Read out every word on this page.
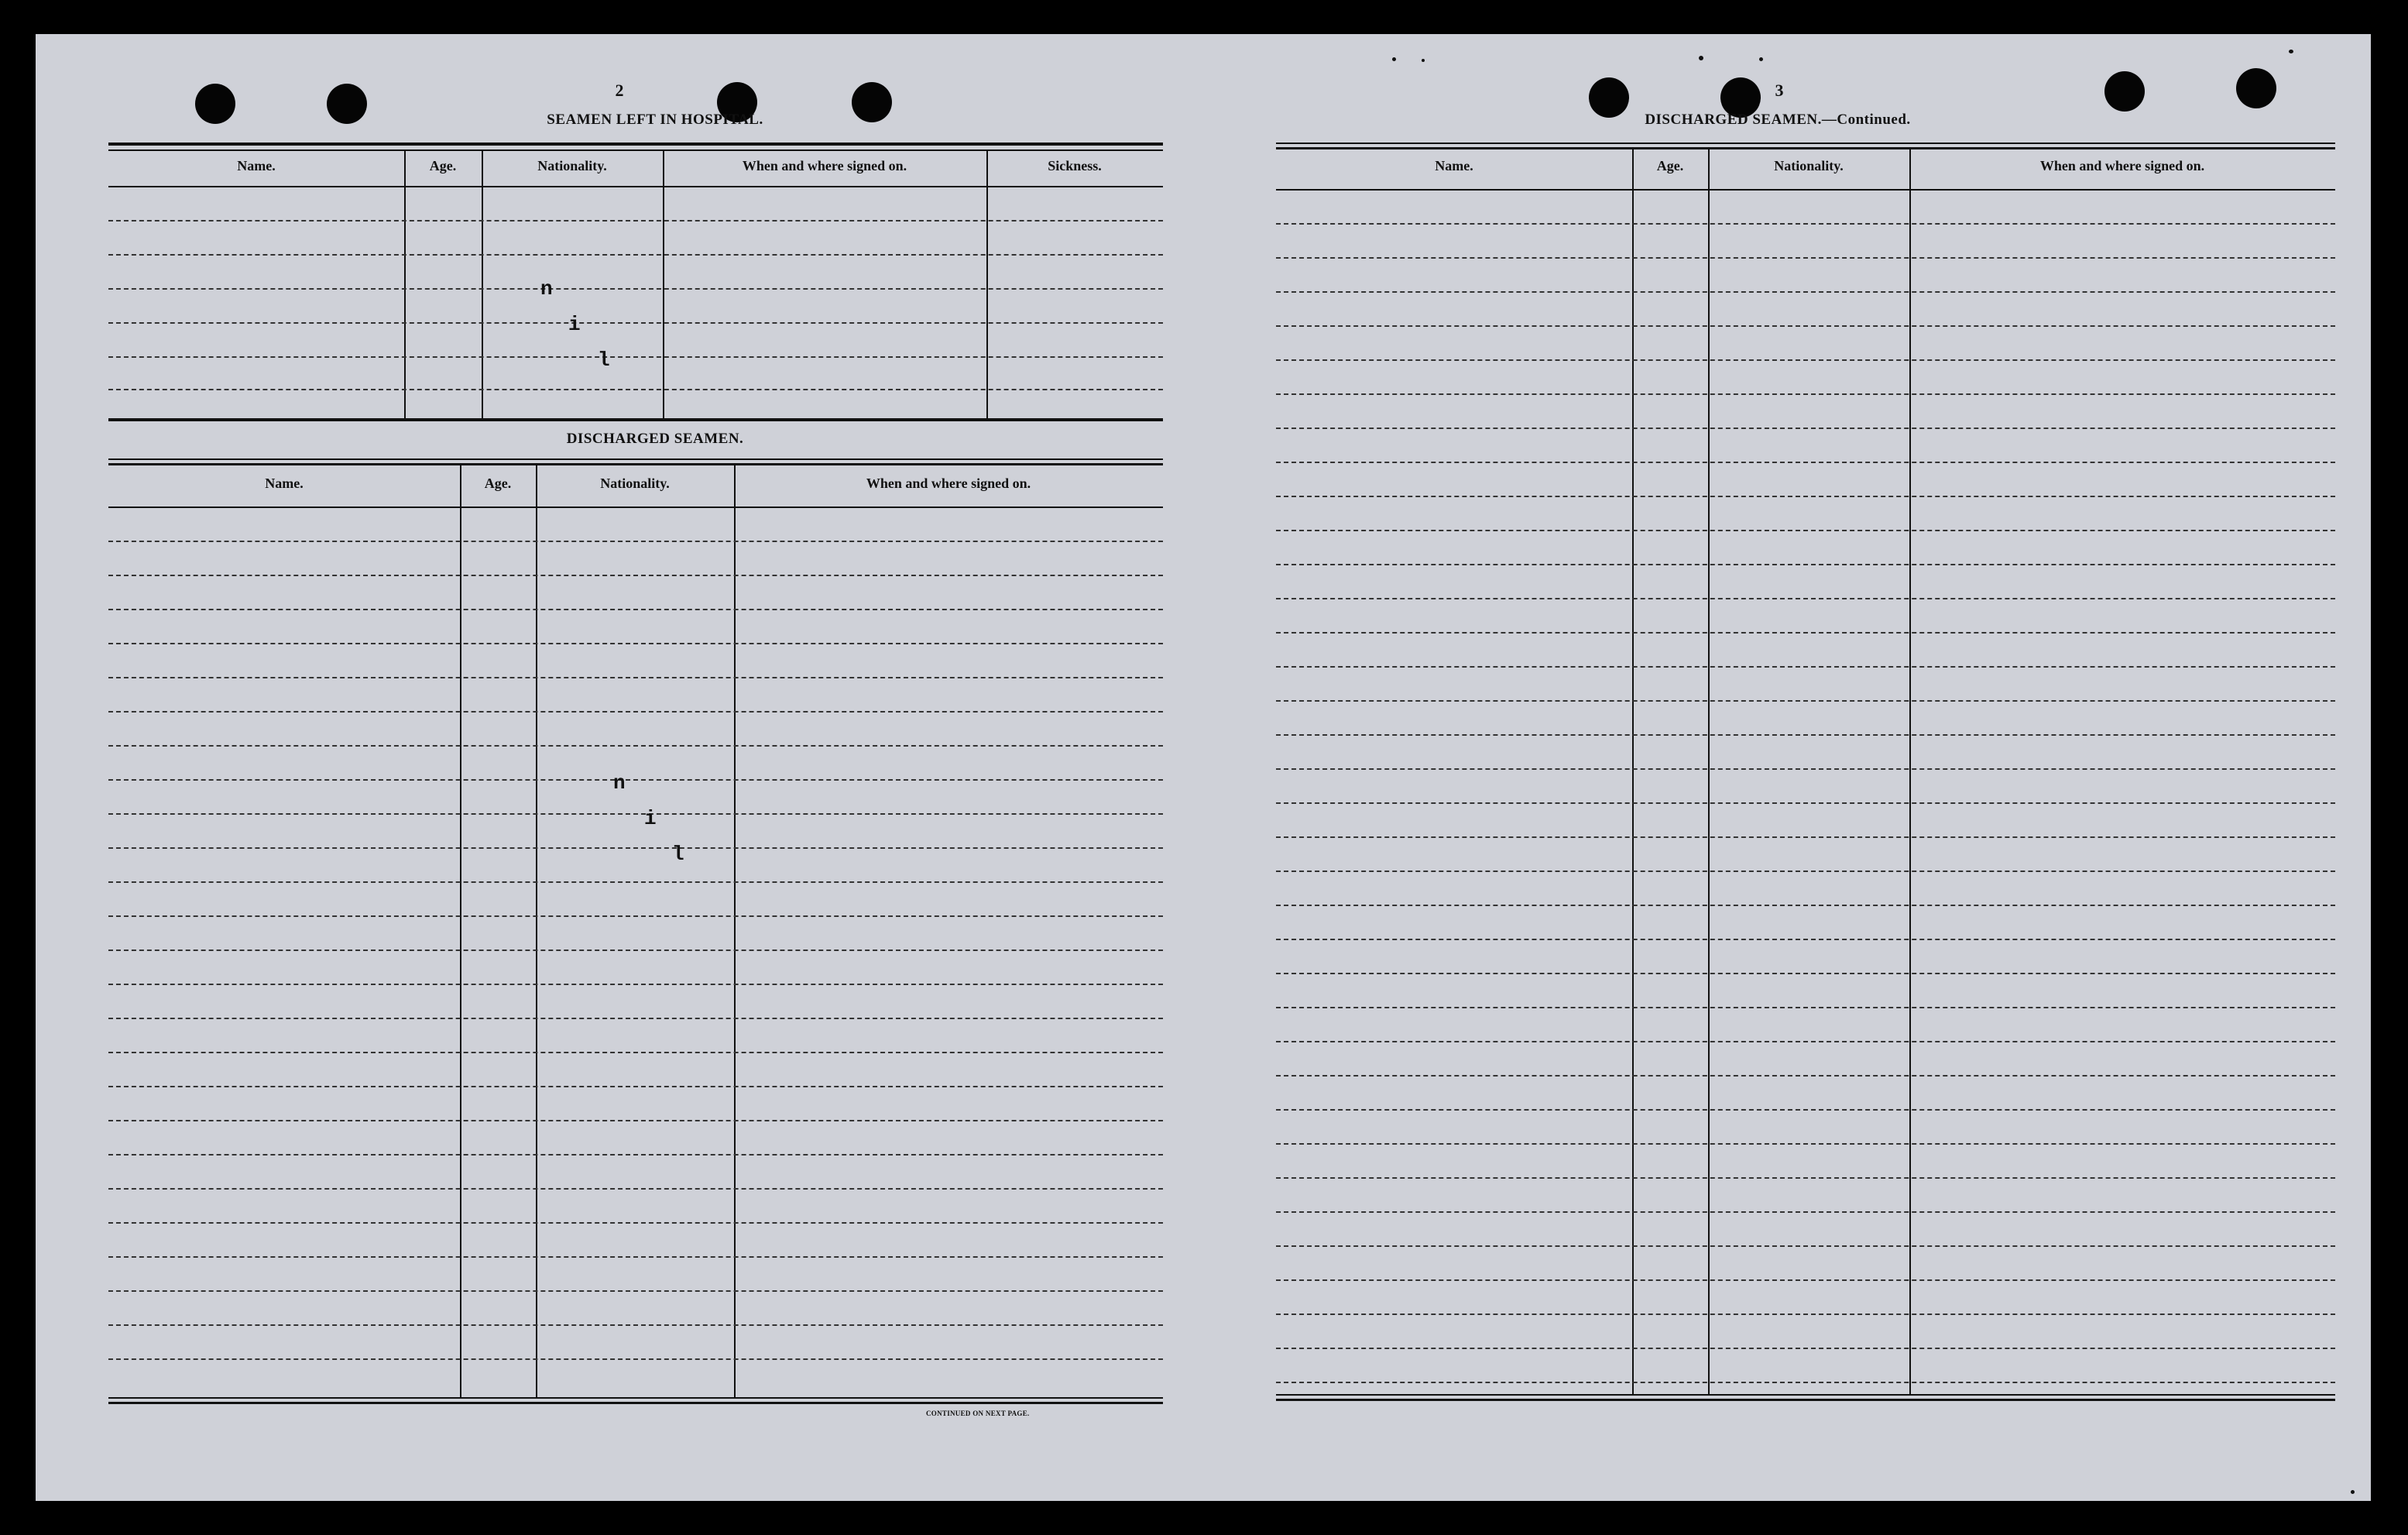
2
SEAMEN LEFT IN HOSPITAL.
Name.	Age.	Nationality.	When and where signed on.	Sickness.
n
i
l
DISCHARGED SEAMEN.
Name.	Age.	Nationality.	When and where signed on.
n
i
l
CONTINUED ON NEXT PAGE.
3
DISCHARGED SEAMEN.—Continued.
Name.	Age.	Nationality.	When and where signed on.
